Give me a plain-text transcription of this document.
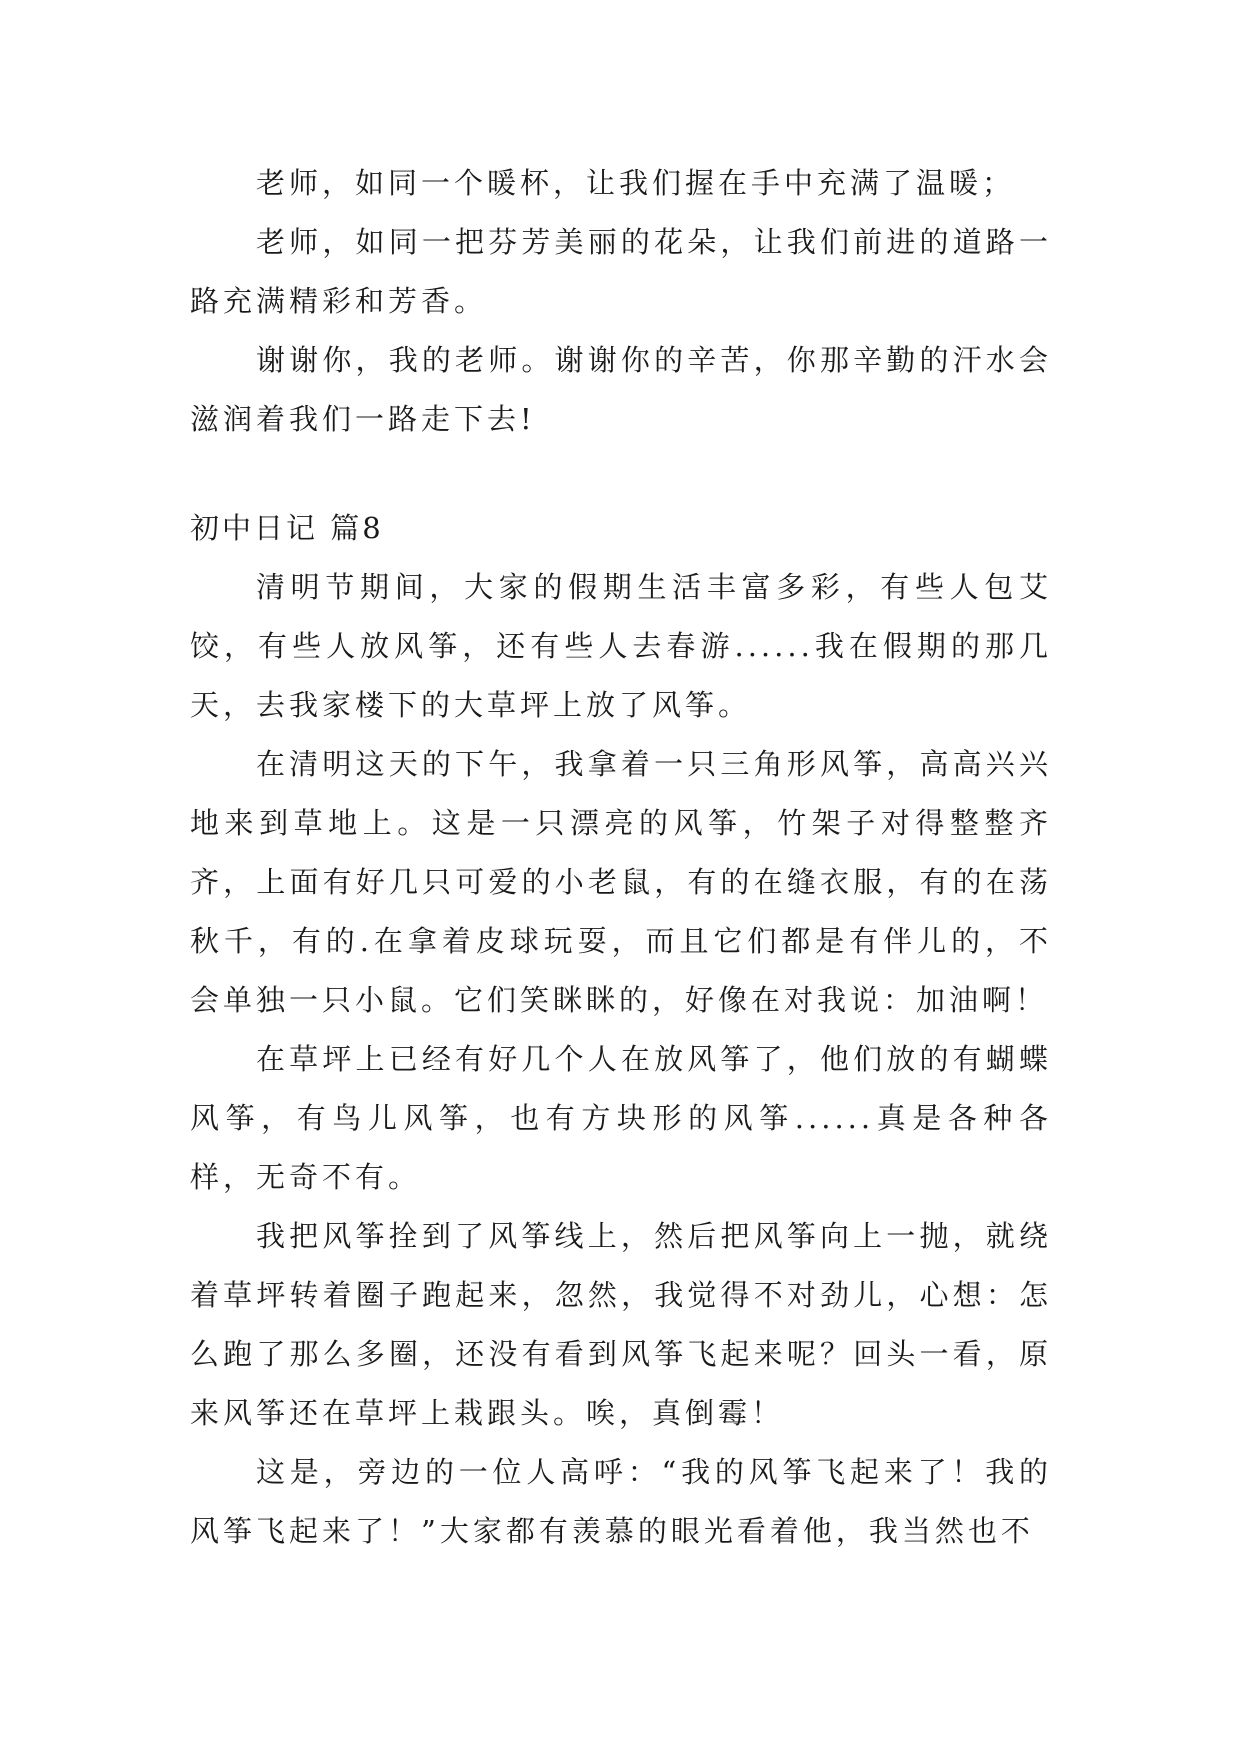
老师，如同一个暖杯，让我们握在手中充满了温暖；

老师，如同一把芬芳美丽的花朵，让我们前进的道路一路充满精彩和芳香。

谢谢你，我的老师。谢谢你的辛苦，你那辛勤的汗水会滋润着我们一路走下去!

初中日记 篇8

清明节期间，大家的假期生活丰富多彩，有些人包艾饺，有些人放风筝，还有些人去春游......我在假期的那几天，去我家楼下的大草坪上放了风筝。

在清明这天的下午，我拿着一只三角形风筝，高高兴兴地来到草地上。这是一只漂亮的风筝，竹架子对得整整齐齐，上面有好几只可爱的小老鼠，有的在缝衣服，有的在荡秋千，有的.在拿着皮球玩耍，而且它们都是有伴儿的，不会单独一只小鼠。它们笑眯眯的，好像在对我说：加油啊！

在草坪上已经有好几个人在放风筝了，他们放的有蝴蝶风筝，有鸟儿风筝，也有方块形的风筝......真是各种各样，无奇不有。

我把风筝拴到了风筝线上，然后把风筝向上一抛，就绕着草坪转着圈子跑起来，忽然，我觉得不对劲儿，心想：怎么跑了那么多圈，还没有看到风筝飞起来呢？回头一看，原来风筝还在草坪上栽跟头。唉，真倒霉！

这是，旁边的一位人高呼：“我的风筝飞起来了！我的风筝飞起来了！”大家都有羡慕的眼光看着他，我当然也不
